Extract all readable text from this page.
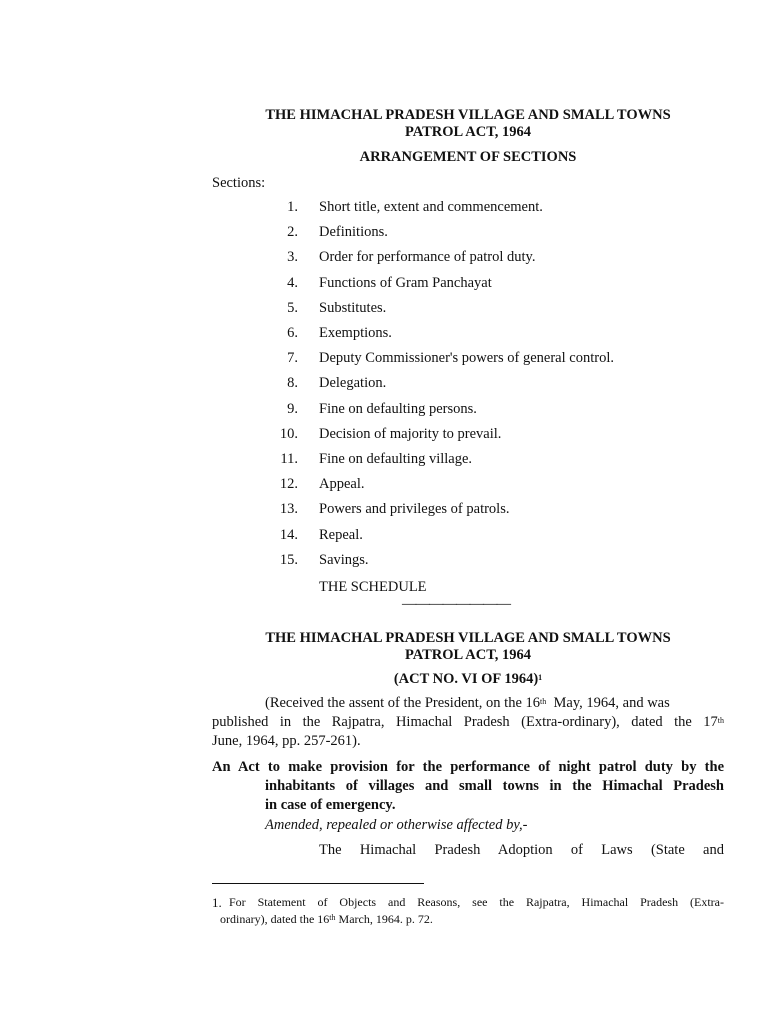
THE HIMACHAL PRADESH VILLAGE AND SMALL TOWNS
PATROL ACT, 1964
ARRANGEMENT OF SECTIONS
Sections:
1. Short title, extent and commencement.
2. Definitions.
3. Order for performance of patrol duty.
4. Functions of Gram Panchayat
5. Substitutes.
6. Exemptions.
7. Deputy Commissioner's powers of general control.
8. Delegation.
9. Fine on defaulting persons.
10. Decision of majority to prevail.
11. Fine on defaulting village.
12. Appeal.
13. Powers and privileges of patrols.
14. Repeal.
15. Savings.
THE SCHEDULE
————————
THE HIMACHAL PRADESH VILLAGE AND SMALL TOWNS
PATROL ACT, 1964
(ACT NO. VI OF 1964)$^1$
(Received the assent of the President, on the 16th  May, 1964, and was
published in the Rajpatra, Himachal Pradesh (Extra-ordinary), dated the 17th
June, 1964, pp. 257-261).
An Act to make provision for the performance of night patrol duty by the
inhabitants of villages and small towns in the Himachal Pradesh
in case of emergency.
Amended, repealed or otherwise affected by,-
The Himachal Pradesh Adoption of Laws (State and
1. For Statement of Objects and Reasons, see the Rajpatra, Himachal Pradesh (Extra-
ordinary), dated the 16th March, 1964. p. 72.
